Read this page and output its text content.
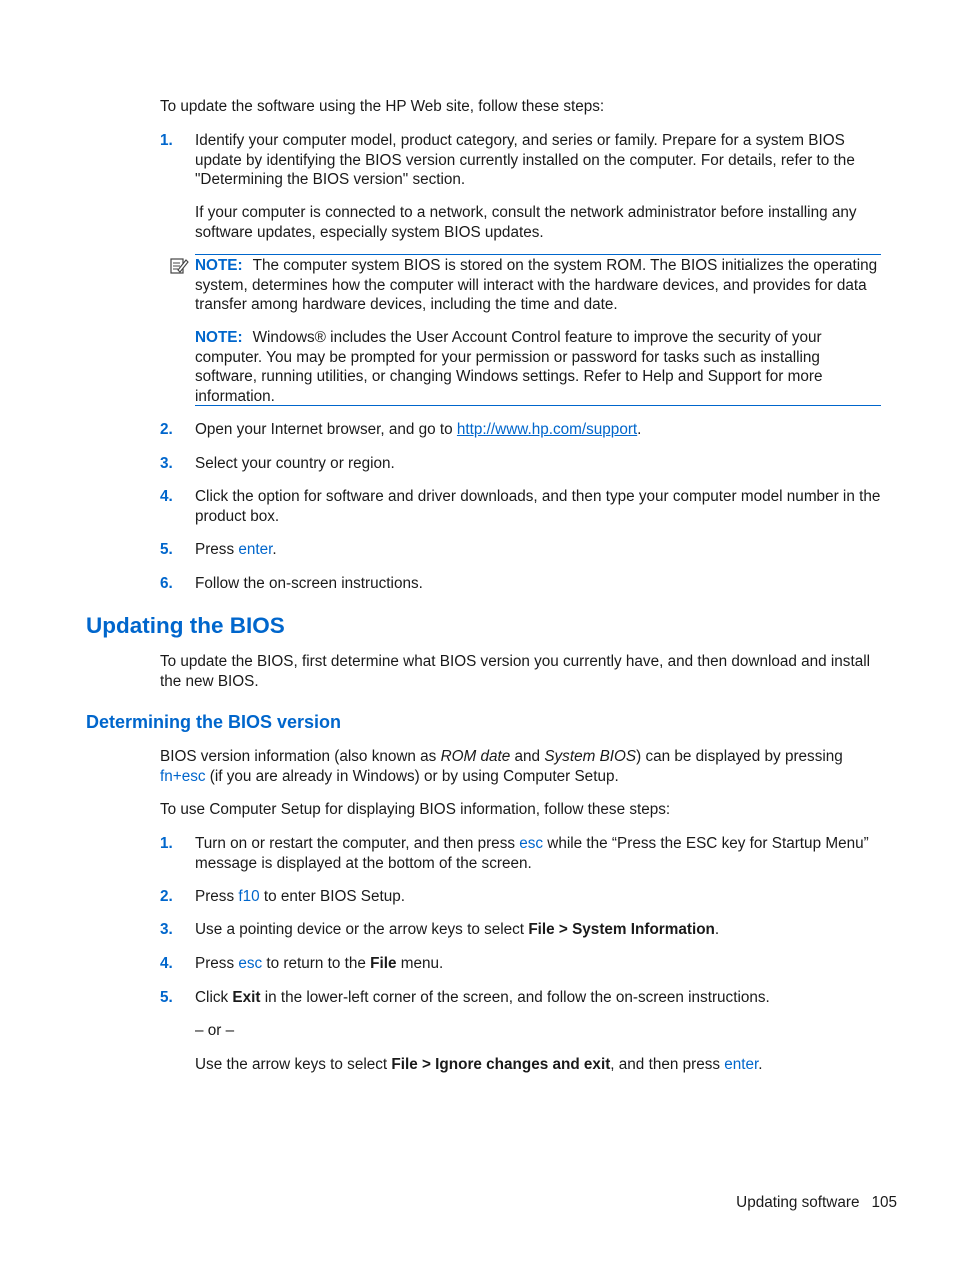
To update the software using the HP Web site, follow these steps:

1. Identify your computer model, product category, and series or family. Prepare for a system BIOS update by identifying the BIOS version currently installed on the computer. For details, refer to the "Determining the BIOS version" section.

If your computer is connected to a network, consult the network administrator before installing any software updates, especially system BIOS updates.

NOTE: The computer system BIOS is stored on the system ROM. The BIOS initializes the operating system, determines how the computer will interact with the hardware devices, and provides for data transfer among hardware devices, including the time and date.

NOTE: Windows® includes the User Account Control feature to improve the security of your computer. You may be prompted for your permission or password for tasks such as installing software, running utilities, or changing Windows settings. Refer to Help and Support for more information.

2. Open your Internet browser, and go to http://www.hp.com/support.

3. Select your country or region.

4. Click the option for software and driver downloads, and then type your computer model number in the product box.

5. Press enter.

6. Follow the on-screen instructions.

Updating the BIOS

To update the BIOS, first determine what BIOS version you currently have, and then download and install the new BIOS.

Determining the BIOS version

BIOS version information (also known as ROM date and System BIOS) can be displayed by pressing fn+esc (if you are already in Windows) or by using Computer Setup.

To use Computer Setup for displaying BIOS information, follow these steps:

1. Turn on or restart the computer, and then press esc while the “Press the ESC key for Startup Menu” message is displayed at the bottom of the screen.

2. Press f10 to enter BIOS Setup.

3. Use a pointing device or the arrow keys to select File > System Information.

4. Press esc to return to the File menu.

5. Click Exit in the lower-left corner of the screen, and follow the on-screen instructions.

– or –

Use the arrow keys to select File > Ignore changes and exit, and then press enter.

Updating software 105
